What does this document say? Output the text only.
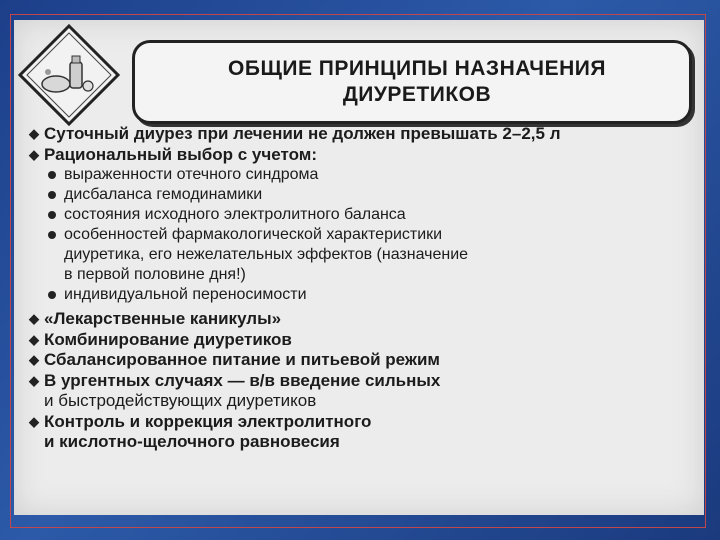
ОБЩИЕ ПРИНЦИПЫ НАЗНАЧЕНИЯ
ДИУРЕТИКОВ
◆ Суточный диурез при лечении не должен превышать 2–2,5 л
◆ Рациональный выбор с учетом:
выраженности отечного синдрома
дисбаланса гемодинамики
состояния исходного электролитного баланса
особенностей фармакологической характеристики
диуретика, его нежелательных эффектов (назначение
в первой половине дня!)
индивидуальной переносимости
◆ «Лекарственные каникулы»
◆ Комбинирование диуретиков
◆ Сбалансированное питание и питьевой режим
◆ В ургентных случаях — в/в введение сильных
и быстродействующих диуретиков
◆ Контроль и коррекция электролитного
и кислотно-щелочного равновесия
